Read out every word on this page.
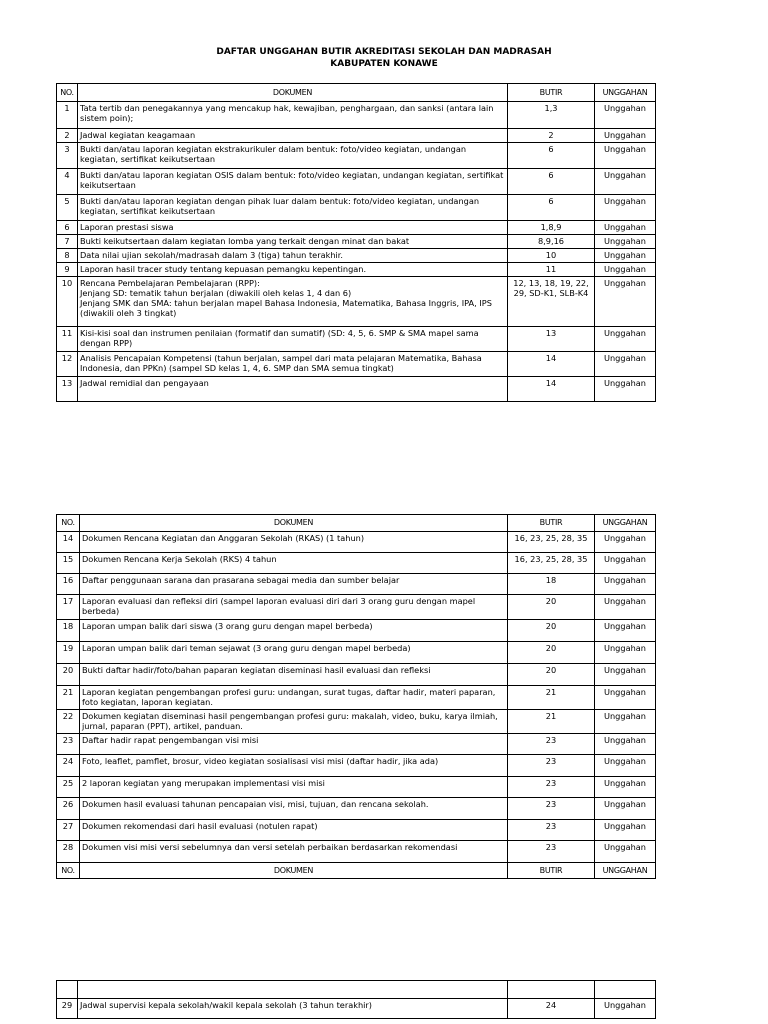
DAFTAR UNGGAHAN BUTIR AKREDITASI SEKOLAH DAN MADRASAH
KABUPATEN KONAWE
NO.	DOKUMEN	BUTIR	UNGGAHAN
1	Tata tertib dan penegakannya yang mencakup hak, kewajiban, penghargaan, dan sanksi (antara lain sistem poin);	1,3	Unggahan
2	Jadwal kegiatan keagamaan	2	Unggahan
3	Bukti dan/atau laporan kegiatan ekstrakurikuler dalam bentuk: foto/video kegiatan, undangan kegiatan, sertifikat keikutsertaan	6	Unggahan
4	Bukti dan/atau laporan kegiatan OSIS dalam bentuk: foto/video kegiatan, undangan kegiatan, sertifikat keikutsertaan	6	Unggahan
5	Bukti dan/atau laporan kegiatan dengan pihak luar dalam bentuk: foto/video kegiatan, undangan kegiatan, sertifikat keikutsertaan	6	Unggahan
6	Laporan prestasi siswa	1,8,9	Unggahan
7	Bukti keikutsertaan dalam kegiatan lomba yang terkait dengan minat dan bakat	8,9,16	Unggahan
8	Data nilai ujian sekolah/madrasah dalam 3 (tiga) tahun terakhir.	10	Unggahan
9	Laporan hasil tracer study tentang kepuasan pemangku kepentingan.	11	Unggahan
10	Rencana Pembelajaran Pembelajaran (RPP):
Jenjang SD: tematik tahun berjalan (diwakili oleh kelas 1, 4 dan 6)
Jenjang SMK dan SMA: tahun berjalan mapel Bahasa Indonesia, Matematika, Bahasa Inggris, IPA, IPS (diwakili oleh 3 tingkat)	12, 13, 18, 19, 22, 29, SD-K1, SLB-K4	Unggahan
11	Kisi-kisi soal dan instrumen penilaian (formatif dan sumatif) (SD: 4, 5, 6. SMP & SMA mapel sama dengan RPP)	13	Unggahan
12	Analisis Pencapaian Kompetensi (tahun berjalan, sampel dari mata pelajaran Matematika, Bahasa Indonesia, dan PPKn) (sampel SD kelas 1, 4, 6. SMP dan SMA semua tingkat)	14	Unggahan
13	Jadwal remidial dan pengayaan	14	Unggahan
NO.	DOKUMEN	BUTIR	UNGGAHAN
14	Dokumen Rencana Kegiatan dan Anggaran Sekolah (RKAS) (1 tahun)	16, 23, 25, 28, 35	Unggahan
15	Dokumen Rencana Kerja Sekolah (RKS) 4 tahun	16, 23, 25, 28, 35	Unggahan
16	Daftar penggunaan sarana dan prasarana sebagai media dan sumber belajar	18	Unggahan
17	Laporan evaluasi dan refleksi diri (sampel laporan evaluasi diri dari 3 orang guru dengan mapel berbeda)	20	Unggahan
18	Laporan umpan balik dari siswa (3 orang guru dengan mapel berbeda)	20	Unggahan
19	Laporan umpan balik dari teman sejawat (3 orang guru dengan mapel berbeda)	20	Unggahan
20	Bukti daftar hadir/foto/bahan paparan kegiatan diseminasi hasil evaluasi dan refleksi	20	Unggahan
21	Laporan kegiatan pengembangan profesi guru: undangan, surat tugas, daftar hadir, materi paparan, foto kegiatan, laporan kegiatan.	21	Unggahan
22	Dokumen kegiatan diseminasi hasil pengembangan profesi guru: makalah, video, buku, karya ilmiah, jurnal, paparan (PPT), artikel, panduan.	21	Unggahan
23	Daftar hadir rapat pengembangan visi misi	23	Unggahan
24	Foto, leaflet, pamflet, brosur, video kegiatan sosialisasi visi misi (daftar hadir, jika ada)	23	Unggahan
25	2 laporan kegiatan yang merupakan implementasi visi misi	23	Unggahan
26	Dokumen hasil evaluasi tahunan pencapaian visi, misi, tujuan, dan rencana sekolah.	23	Unggahan
27	Dokumen rekomendasi dari hasil evaluasi (notulen rapat)	23	Unggahan
28	Dokumen visi misi versi sebelumnya dan versi setelah perbaikan berdasarkan rekomendasi	23	Unggahan
NO.	DOKUMEN	BUTIR	UNGGAHAN

29	Jadwal supervisi kepala sekolah/wakil kepala sekolah (3 tahun terakhir)	24	Unggahan
